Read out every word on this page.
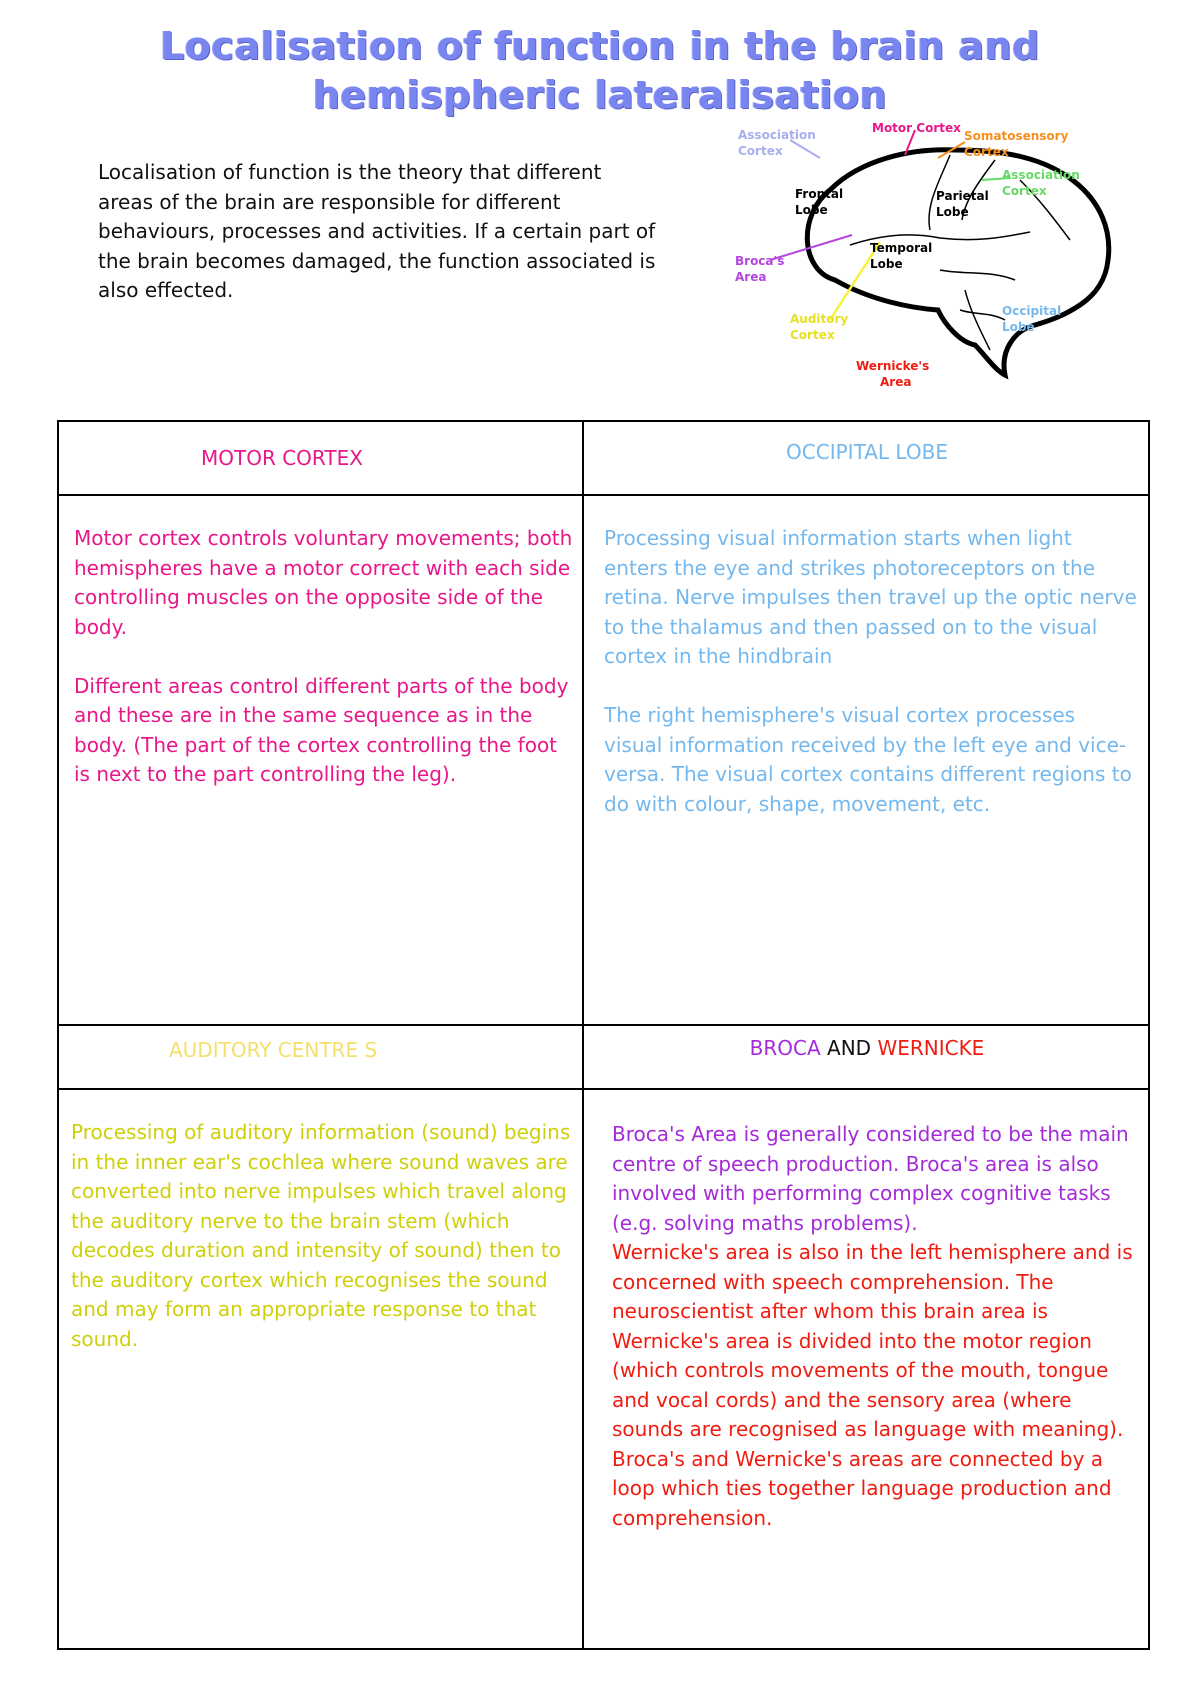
Localisation of function in the brain and
hemispheric lateralisation
Localisation of function is the theory that different areas of the brain are responsible for different behaviours, processes and activities. If a certain part of the brain becomes damaged, the function associated is also effected.
Association
Cortex
Motor Cortex
Somatosensory
Cortex
Association
Cortex
Frontal
Lobe
Parietal
Lobe
Temporal
Lobe
Broca's
Area
Auditory
Cortex
Occipital
Lobe
Wernicke's
Area
MOTOR CORTEX

Motor cortex controls voluntary movements; both hemispheres have a motor correct with each side controlling muscles on the opposite side of the body.

Different areas control different parts of the body and these are in the same sequence as in the body. (The part of the cortex controlling the foot is next to the part controlling the leg).

OCCIPITAL LOBE

Processing visual information starts when light enters the eye and strikes photoreceptors on the retina. Nerve impulses then travel up the optic nerve to the thalamus and then passed on to the visual cortex in the hindbrain

The right hemisphere's visual cortex processes visual information received by the left eye and vice-versa. The visual cortex contains different regions to do with colour, shape, movement, etc.

AUDITORY CENTRE S

Processing of auditory information (sound) begins in the inner ear's cochlea where sound waves are converted into nerve impulses which travel along the auditory nerve to the brain stem (which decodes duration and intensity of sound) then to the auditory cortex which recognises the sound and may form an appropriate response to that sound.

BROCA AND WERNICKE
Broca's Area is generally considered to be the main centre of speech production. Broca's area is also involved with performing complex cognitive tasks (e.g. solving maths problems).
Wernicke's area is also in the left hemisphere and is concerned with speech comprehension. The neuroscientist after whom this brain area is Wernicke's area is divided into the motor region (which controls movements of the mouth, tongue and vocal cords) and the sensory area (where sounds are recognised as language with meaning).
Broca's and Wernicke's areas are connected by a loop which ties together language production and comprehension.
